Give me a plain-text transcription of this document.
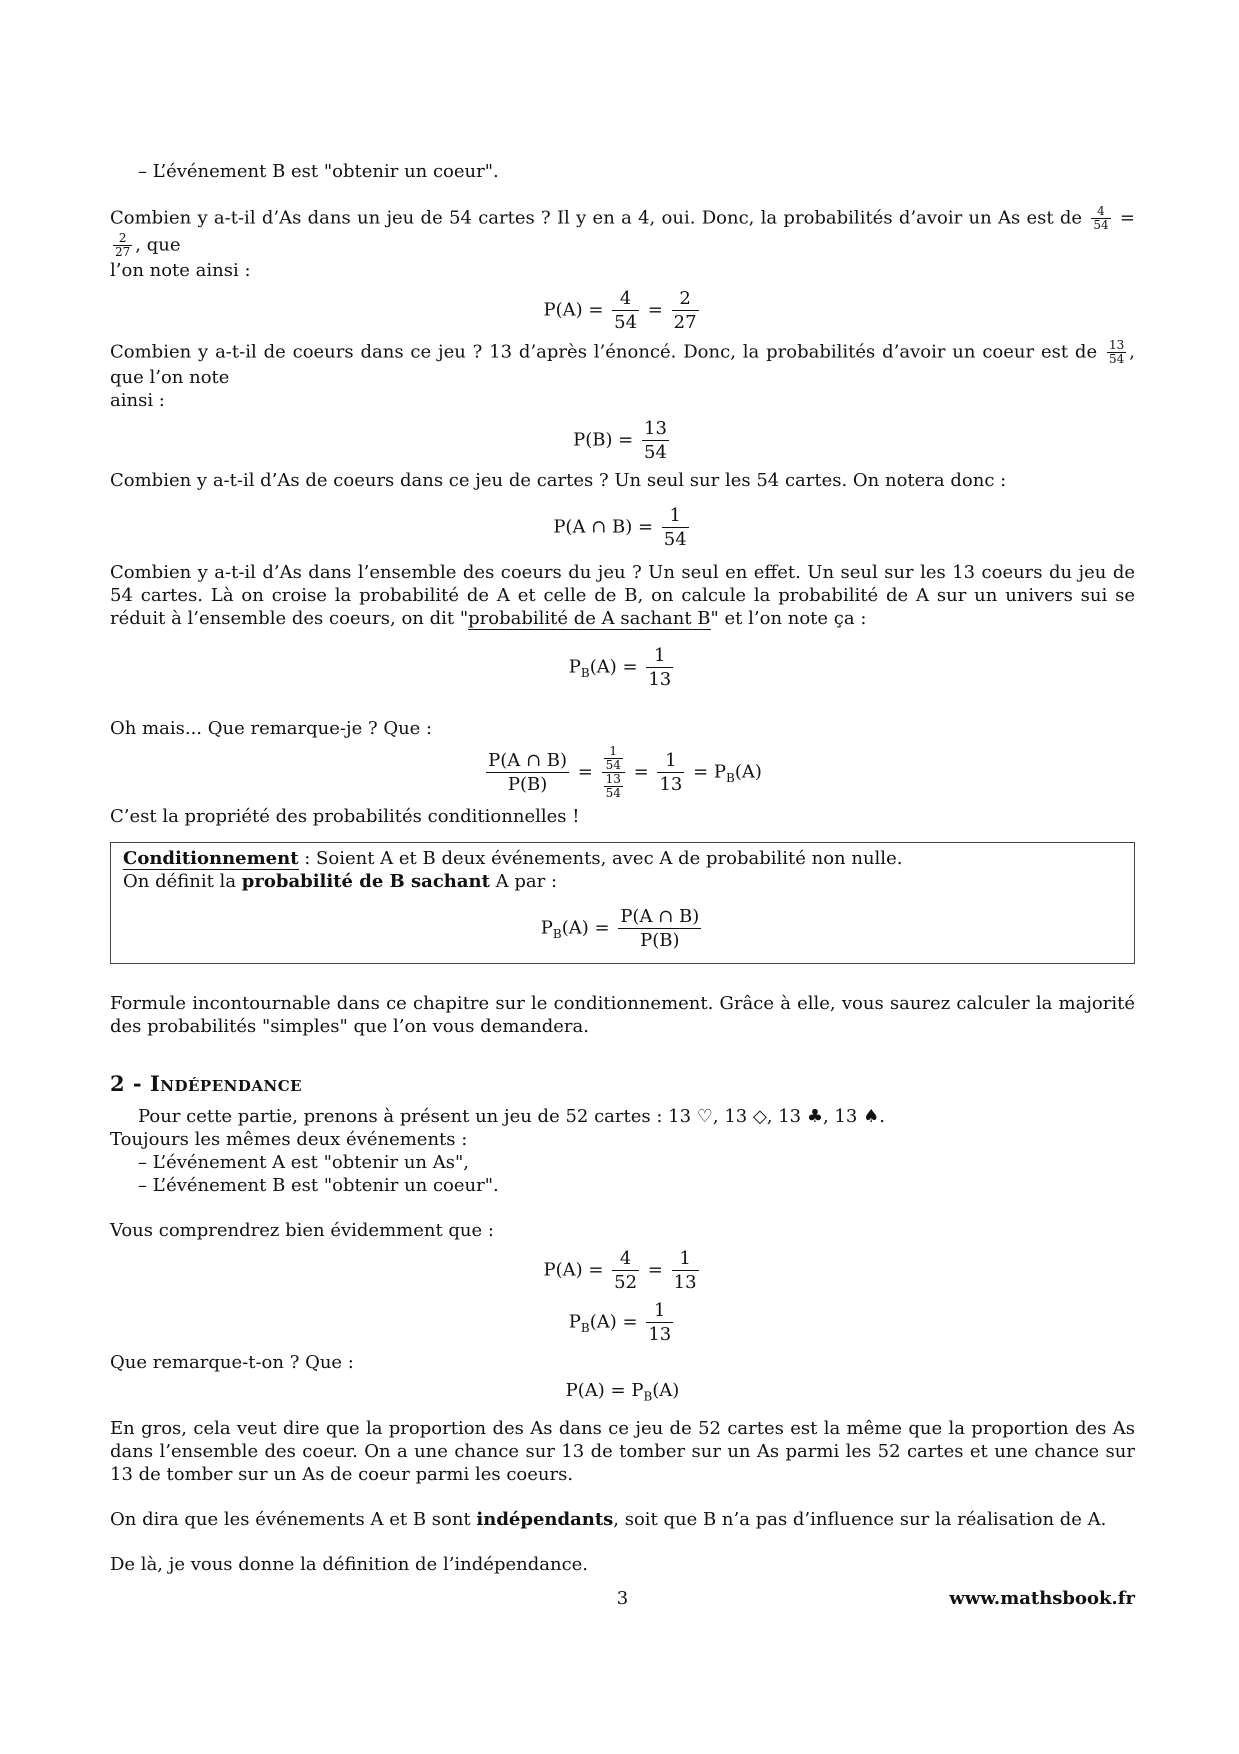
– L’événement B est "obtenir un coeur".

Combien y a-t-il d’As dans un jeu de 54 cartes ? Il y en a 4, oui. Donc, la probabilités d’avoir un As est de $\frac{4}{54}$ =
$\frac{2}{27}$ , que
l’on note ainsi :

$P(A) = \frac{4}{54} = \frac{2}{27}$

Combien y a-t-il de coeurs dans ce jeu ? 13 d’après l’énoncé. Donc, la probabilités d’avoir un coeur est de $\frac{13}{54}$ , que l’on note
ainsi :

$P(B) = \frac{13}{54}$

Combien y a-t-il d’As de coeurs dans ce jeu de cartes ? Un seul sur les 54 cartes. On notera donc :

P(A ∩ $B) = \frac{1}{54}$

Combien y a-t-il d’As dans l’ensemble des coeurs du jeu ? Un seul en effet. Un seul sur les 13 coeurs du jeu de 54 cartes. Là on croise la probabilité de A et celle de B, on calcule la probabilité de A sur un univers sui se réduit à l’ensemble des coeurs, on dit "probabilité de A sachant B" et l’on note ça :

$P_B(A) = \frac{1}{13}$

Oh mais... Que remarque-je ? Que :

$\frac{P(A \cap B)}{P(B)} = \frac{\frac{1}{54}}{\frac{13}{54}} = \frac{1}{13} = P_B(A)$

C’est la propriété des probabilités conditionnelles !

Conditionnement : Soient A et B deux événements, avec A de probabilité non nulle.

On définit la probabilité de B sachant A par :

$P_B(A) = \frac{P(A \cap B)}{P(B)}$

Formule incontournable dans ce chapitre sur le conditionnement. Grâce à elle, vous saurez calculer la majorité des probabilités "simples" que l’on vous demandera.

2 - Indépendance

Pour cette partie, prenons à présent un jeu de 52 cartes : 13 ♡, 13 ◇, 13 ♣, 13 ♠.

Toujours les mêmes deux événements :

– L’événement A est "obtenir un As",

– L’événement B est "obtenir un coeur".

Vous comprendrez bien évidemment que :

$P(A) = \frac{4}{52} = \frac{1}{13}$
$P_B(A) = \frac{1}{13}$

Que remarque-t-on ? Que :

$P(A) = P_B(A)$

En gros, cela veut dire que la proportion des As dans ce jeu de 52 cartes est la même que la proportion des As dans l’ensemble des coeur. On a une chance sur 13 de tomber sur un As parmi les 52 cartes et une chance sur 13 de tomber sur un As de coeur parmi les coeurs.

On dira que les événements A et B sont indépendants, soit que B n’a pas d’influence sur la réalisation de A.

De là, je vous donne la définition de l’indépendance.

3	www.mathsbook.fr
